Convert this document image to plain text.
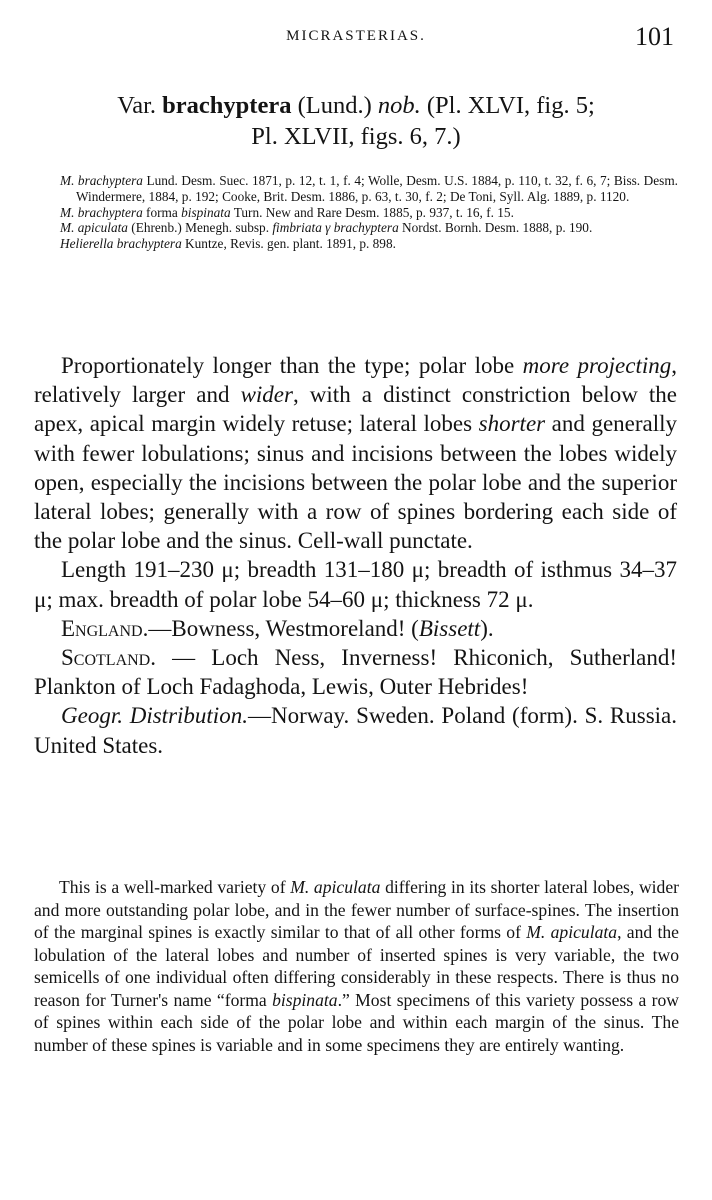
MICRASTERIAS.	101
Var. brachyptera (Lund.) nob. (Pl. XLVI, fig. 5;
Pl. XLVII, figs. 6, 7.)

M. brachyptera Lund. Desm. Suec. 1871, p. 12, t. 1, f. 4; Wolle, Desm. U.S. 1884, p. 110, t. 32, f. 6, 7; Biss. Desm. Windermere, 1884, p. 192; Cooke, Brit. Desm. 1886, p. 63, t. 30, f. 2; De Toni, Syll. Alg. 1889, p. 1120.

M. brachyptera forma bispinata Turn. New and Rare Desm. 1885, p. 937, t. 16, f. 15.

M. apiculata (Ehrenb.) Menegh. subsp. fimbriata γ brachyptera Nordst. Bornh. Desm. 1888, p. 190.

Helierella brachyptera Kuntze, Revis. gen. plant. 1891, p. 898.

Proportionately longer than the type; polar lobe more projecting, relatively larger and wider, with a distinct constriction below the apex, apical margin widely retuse; lateral lobes shorter and generally with fewer lobulations; sinus and incisions between the lobes widely open, especially the incisions between the polar lobe and the superior lateral lobes; generally with a row of spines bordering each side of the polar lobe and the sinus. Cell-wall punctate.

Length 191–230 μ; breadth 131–180 μ; breadth of isthmus 34–37 μ; max. breadth of polar lobe 54–60 μ; thickness 72 μ.

England.—Bowness, Westmoreland! (Bissett).

Scotland. — Loch Ness, Inverness! Rhiconich, Sutherland! Plankton of Loch Fadaghoda, Lewis, Outer Hebrides!

Geogr. Distribution.—Norway. Sweden. Poland (form). S. Russia. United States.

This is a well-marked variety of M. apiculata differing in its shorter lateral lobes, wider and more outstanding polar lobe, and in the fewer number of surface-spines. The insertion of the marginal spines is exactly similar to that of all other forms of M. apiculata, and the lobulation of the lateral lobes and number of inserted spines is very variable, the two semicells of one individual often differing considerably in these respects. There is thus no reason for Turner's name “forma bispinata.” Most specimens of this variety possess a row of spines within each side of the polar lobe and within each margin of the sinus. The number of these spines is variable and in some specimens they are entirely wanting.
